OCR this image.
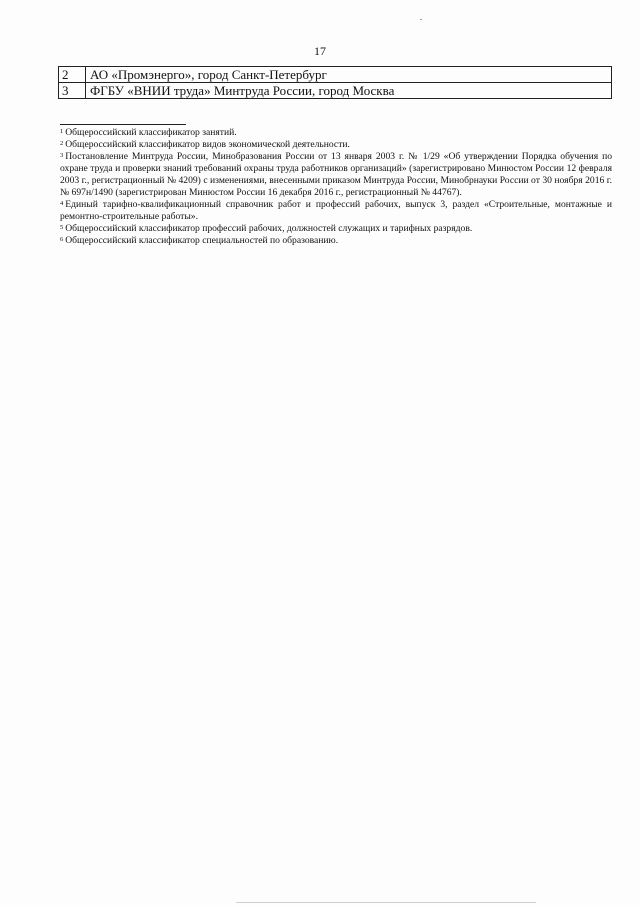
17
2	АО «Промэнерго», город Санкт-Петербург
3	ФГБУ «ВНИИ труда» Минтруда России, город Москва

$^1$ Общероссийский классификатор занятий.

$^2$ Общероссийский классификатор видов экономической деятельности.

$^3$ Постановление Минтруда России, Минобразования России от 13 января 2003 г. № 1/29 «Об утверждении Порядка обучения по охране труда и проверки знаний требований охраны труда работников организаций» (зарегистрировано Минюстом России 12 февраля 2003 г., регистрационный № 4209) с изменениями, внесенными приказом Минтруда России, Минобрнауки России от 30 ноября 2016 г. № 697н/1490 (зарегистрирован Минюстом России 16 декабря 2016 г., регистрационный № 44767).

$^4$ Единый тарифно-квалификационный справочник работ и профессий рабочих, выпуск 3, раздел «Строительные, монтажные и ремонтно-строительные работы».

$^5$ Общероссийский классификатор профессий рабочих, должностей служащих и тарифных разрядов.

$^6$ Общероссийский классификатор специальностей по образованию.
